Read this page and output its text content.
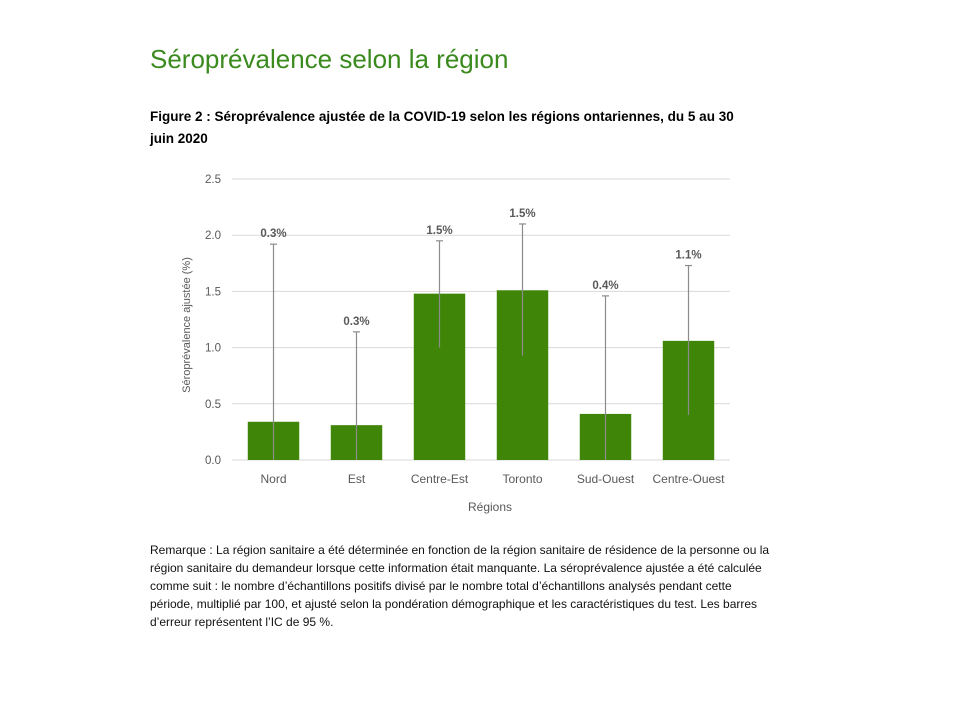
Séroprévalence selon la région

Figure 2 : Séroprévalence ajustée de la COVID-19 selon les régions ontariennes, du 5 au 30 juin 2020

0.0
0.5
1.0
1.5
2.0
2.5
0.3%
0.3%
1.5%
1.5%
0.4%
1.1%
Nord	Est	Centre-Est	Toronto	Sud-Ouest Centre-Ouest
Séroprévalence ajustée (%)
Régions

Remarque : La région sanitaire a été déterminée en fonction de la région sanitaire de résidence de la personne ou la région sanitaire du demandeur lorsque cette information était manquante. La séroprévalence ajustée a été calculée comme suit : le nombre d’échantillons positifs divisé par le nombre total d’échantillons analysés pendant cette période, multiplié par 100, et ajusté selon la pondération démographique et les caractéristiques du test. Les barres d’erreur représentent l’IC de 95 %.
